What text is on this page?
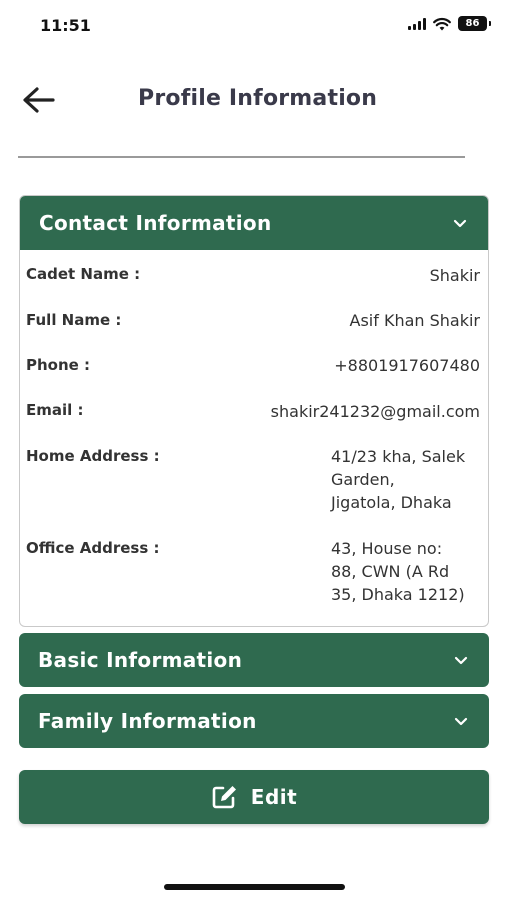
11:51	86
Profile Information
Contact Information
Cadet Name :	Shakir
Full Name :	Asif Khan Shakir
Phone :	+8801917607480
Email :	shakir241232@gmail.com
Home Address :	41/23 kha, Salek
Garden,
Jigatola, Dhaka
Office Address :	43, House no:
88, CWN (A Rd
35, Dhaka 1212)
Basic Information
Family Information
Edit
